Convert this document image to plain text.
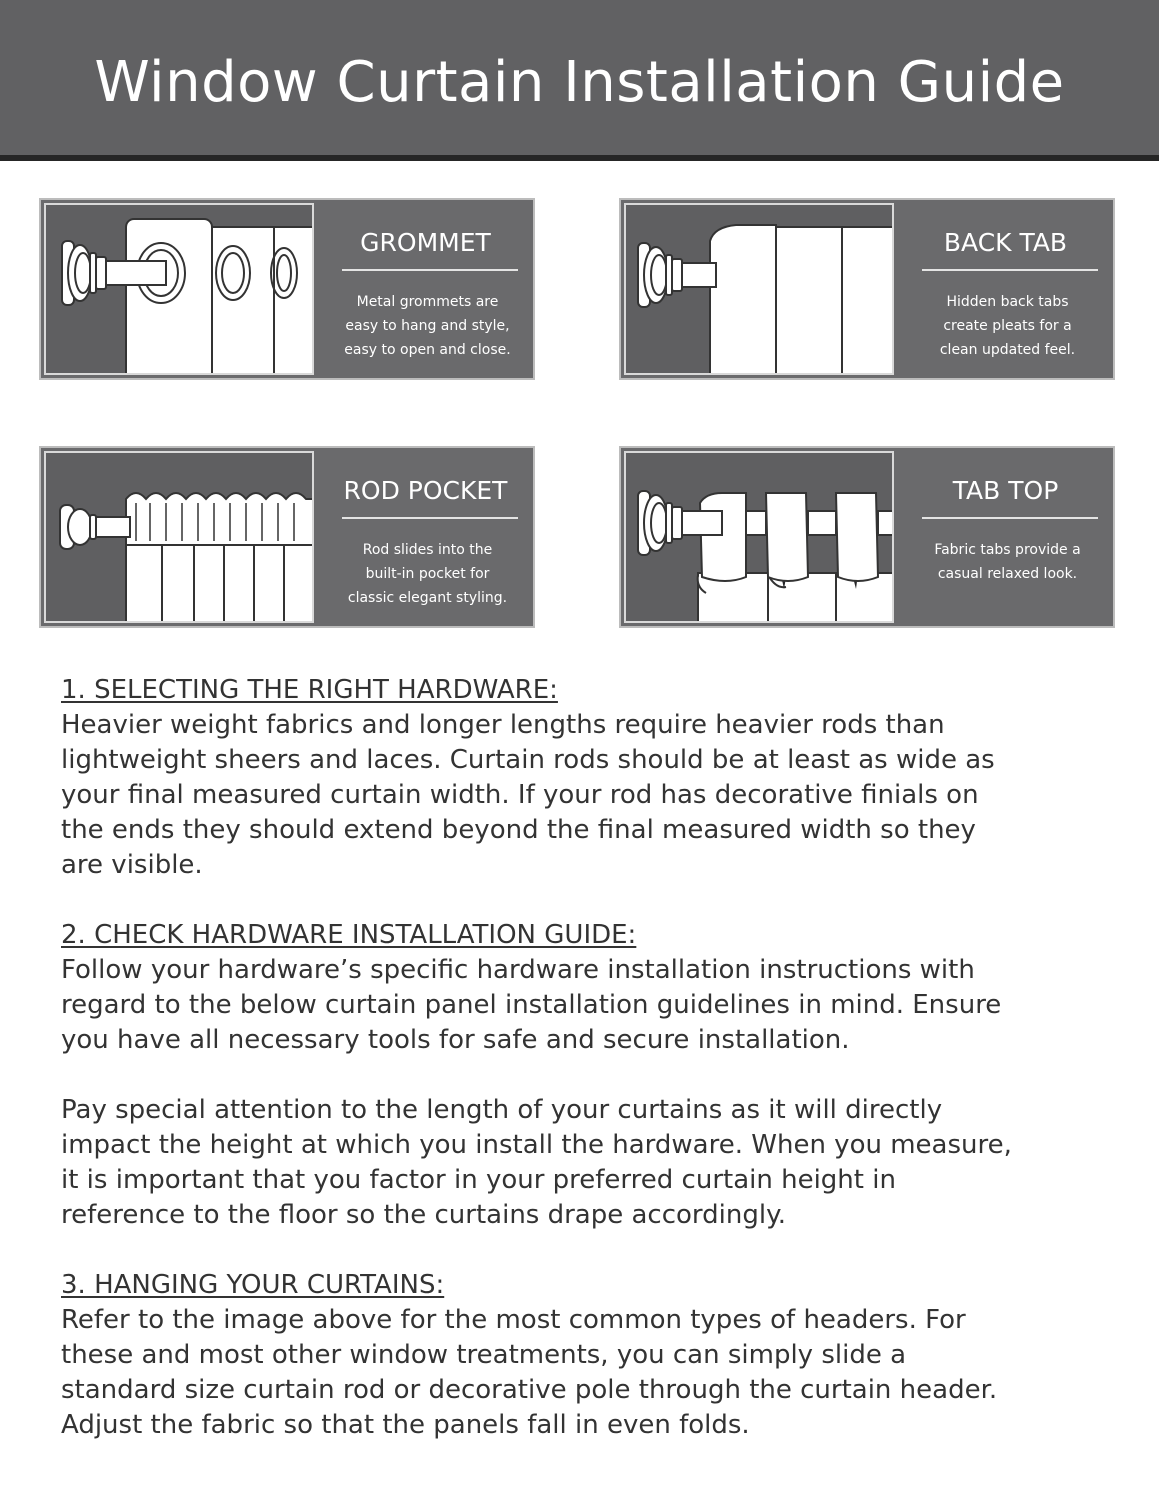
Window Curtain Installation Guide
GROMMET
Metal grommets are
easy to hang and style,
easy to open and close.
BACK TAB
Hidden back tabs
create pleats for a
clean updated feel.
ROD POCKET
Rod slides into the
built-in pocket for
classic elegant styling.
TAB TOP
Fabric tabs provide a
casual relaxed look.
1. SELECTING THE RIGHT HARDWARE:
Heavier weight fabrics and longer lengths require heavier rods than
lightweight sheers and laces. Curtain rods should be at least as wide as
your final measured curtain width. If your rod has decorative finials on
the ends they should extend beyond the final measured width so they
are visible.
2. CHECK HARDWARE INSTALLATION GUIDE:
Follow your hardware’s specific hardware installation instructions with
regard to the below curtain panel installation guidelines in mind. Ensure
you have all necessary tools for safe and secure installation.
Pay special attention to the length of your curtains as it will directly
impact the height at which you install the hardware. When you measure,
it is important that you factor in your preferred curtain height in
reference to the floor so the curtains drape accordingly.
3. HANGING YOUR CURTAINS:
Refer to the image above for the most common types of headers. For
these and most other window treatments, you can simply slide a
standard size curtain rod or decorative pole through the curtain header.
Adjust the fabric so that the panels fall in even folds.
